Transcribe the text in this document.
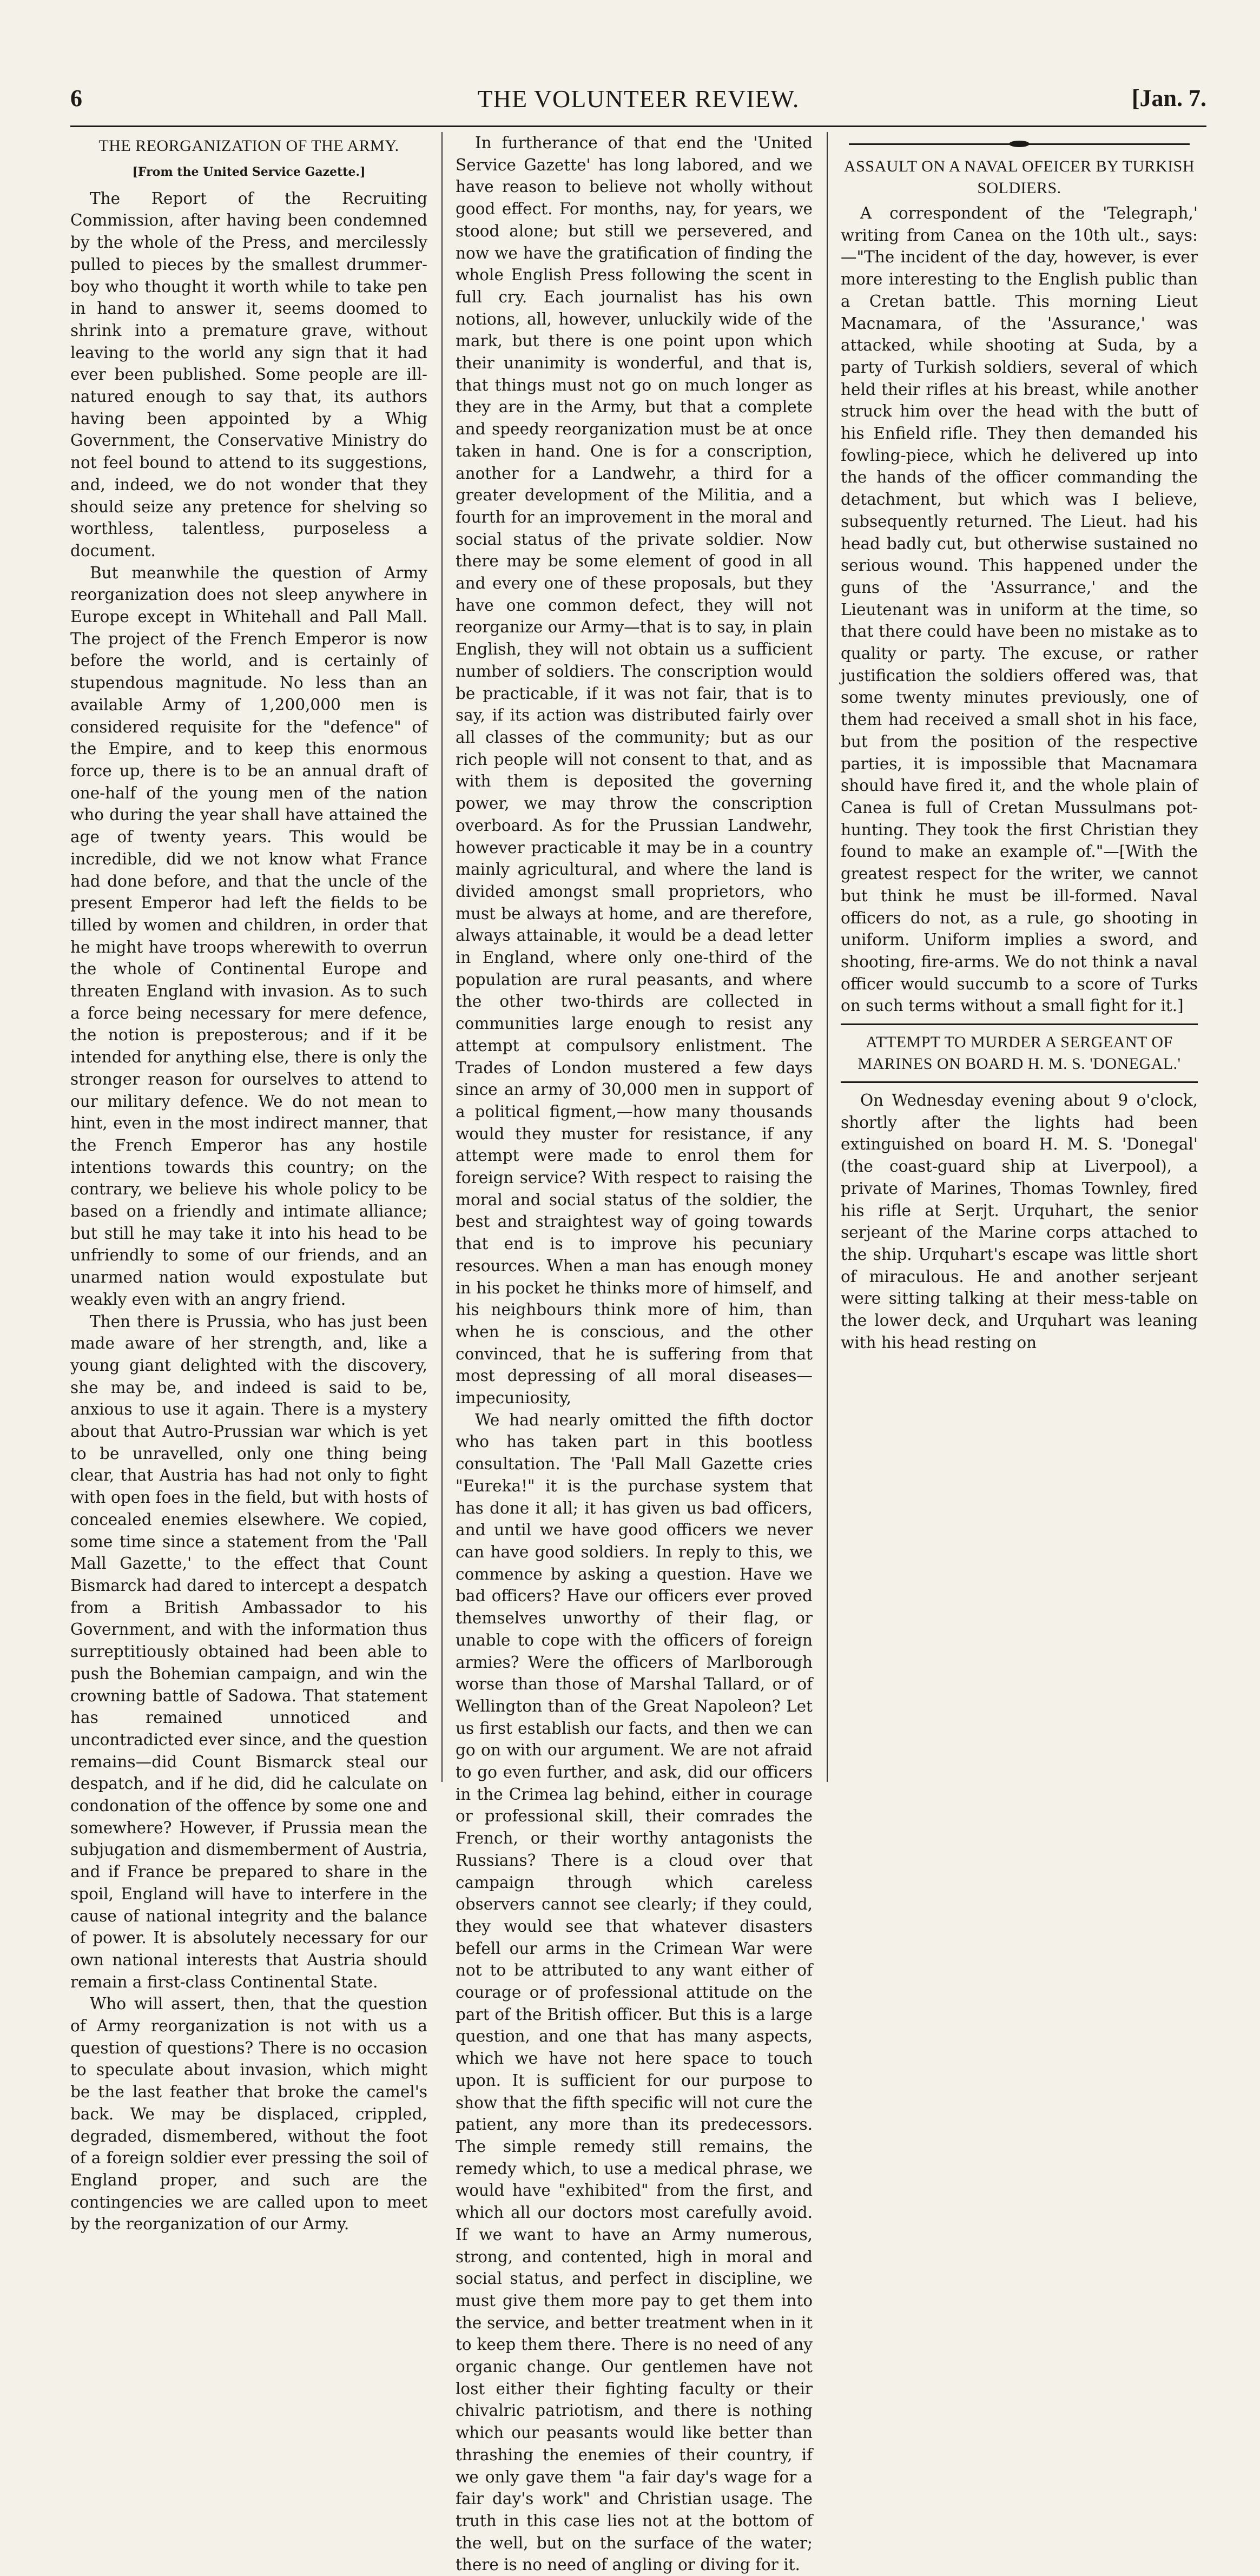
6	THE VOLUNTEER REVIEW.	[Jan. 7.

THE REORGANIZATION OF THE ARMY.

[From the United Service Gazette.]

The Report of the Recruiting Commission, after having been condemned by the whole of the Press, and mercilessly pulled to pieces by the smallest drummer-boy who thought it worth while to take pen in hand to answer it, seems doomed to shrink into a premature grave, without leaving to the world any sign that it had ever been published. Some people are ill-natured enough to say that, its authors having been appointed by a Whig Government, the Conservative Ministry do not feel bound to attend to its suggestions, and, indeed, we do not wonder that they should seize any pretence for shelving so worthless, talentless, purposeless a document.

But meanwhile the question of Army reorganization does not sleep anywhere in Europe except in Whitehall and Pall Mall. The project of the French Emperor is now before the world, and is certainly of stupendous magnitude. No less than an available Army of 1,200,000 men is considered requisite for the "defence" of the Empire, and to keep this enormous force up, there is to be an annual draft of one-half of the young men of the nation who during the year shall have attained the age of twenty years. This would be incredible, did we not know what France had done before, and that the uncle of the present Emperor had left the fields to be tilled by women and children, in order that he might have troops wherewith to overrun the whole of Continental Europe and threaten England with invasion. As to such a force being necessary for mere defence, the notion is preposterous; and if it be intended for anything else, there is only the stronger reason for ourselves to attend to our military defence. We do not mean to hint, even in the most indirect manner, that the French Emperor has any hostile intentions towards this country; on the contrary, we believe his whole policy to be based on a friendly and intimate alliance; but still he may take it into his head to be unfriendly to some of our friends, and an unarmed nation would expostulate but weakly even with an angry friend.

Then there is Prussia, who has just been made aware of her strength, and, like a young giant delighted with the discovery, she may be, and indeed is said to be, anxious to use it again. There is a mystery about that Autro-Prussian war which is yet to be unravelled, only one thing being clear, that Austria has had not only to fight with open foes in the field, but with hosts of concealed enemies elsewhere. We copied, some time since a statement from the 'Pall Mall Gazette,' to the effect that Count Bismarck had dared to intercept a despatch from a British Ambassador to his Government, and with the information thus surreptitiously obtained had been able to push the Bohemian campaign, and win the crowning battle of Sadowa. That statement has remained unnoticed and uncontradicted ever since, and the question remains—did Count Bismarck steal our despatch, and if he did, did he calculate on condonation of the offence by some one and somewhere? However, if Prussia mean the subjugation and dismemberment of Austria, and if France be prepared to share in the spoil, England will have to interfere in the cause of national integrity and the balance of power. It is absolutely necessary for our own national interests that Austria should remain a first-class Continental State.

Who will assert, then, that the question of Army reorganization is not with us a question of questions? There is no occasion to speculate about invasion, which might be the last feather that broke the camel's back. We may be displaced, crippled, degraded, dismembered, without the foot of a foreign soldier ever pressing the soil of England proper, and such are the contingencies we are called upon to meet by the reorganization of our Army.

In furtherance of that end the 'United Service Gazette' has long labored, and we have reason to believe not wholly without good effect. For months, nay, for years, we stood alone; but still we persevered, and now we have the gratification of finding the whole English Press following the scent in full cry. Each journalist has his own notions, all, however, unluckily wide of the mark, but there is one point upon which their unanimity is wonderful, and that is, that things must not go on much longer as they are in the Army, but that a complete and speedy reorganization must be at once taken in hand. One is for a conscription, another for a Landwehr, a third for a greater development of the Militia, and a fourth for an improvement in the moral and social status of the private soldier. Now there may be some element of good in all and every one of these proposals, but they have one common defect, they will not reorganize our Army—that is to say, in plain English, they will not obtain us a sufficient number of soldiers. The conscription would be practicable, if it was not fair, that is to say, if its action was distributed fairly over all classes of the community; but as our rich people will not consent to that, and as with them is deposited the governing power, we may throw the conscription overboard. As for the Prussian Landwehr, however practicable it may be in a country mainly agricultural, and where the land is divided amongst small proprietors, who must be always at home, and are therefore, always attainable, it would be a dead letter in England, where only one-third of the population are rural peasants, and where the other two-thirds are collected in communities large enough to resist any attempt at compulsory enlistment. The Trades of London mustered a few days since an army of 30,000 men in support of a political figment,—how many thousands would they muster for resistance, if any attempt were made to enrol them for foreign service? With respect to raising the moral and social status of the soldier, the best and straightest way of going towards that end is to improve his pecuniary resources. When a man has enough money in his pocket he thinks more of himself, and his neighbours think more of him, than when he is conscious, and the other convinced, that he is suffering from that most depressing of all moral diseases—impecuniosity,

We had nearly omitted the fifth doctor who has taken part in this bootless consultation. The 'Pall Mall Gazette cries "Eureka!" it is the purchase system that has done it all; it has given us bad officers, and until we have good officers we never can have good soldiers. In reply to this, we commence by asking a question. Have we bad officers? Have our officers ever proved themselves unworthy of their flag, or unable to cope with the officers of foreign armies? Were the officers of Marlborough worse than those of Marshal Tallard, or of Wellington than of the Great Napoleon? Let us first establish our facts, and then we can go on with our argument. We are not afraid to go even further, and ask, did our officers in the Crimea lag behind, either in courage or professional skill, their comrades the French, or their worthy antagonists the Russians? There is a cloud over that campaign through which careless observers cannot see clearly; if they could, they would see that whatever disasters befell our arms in the Crimean War were not to be attributed to any want either of courage or of professional attitude on the part of the British officer. But this is a large question, and one that has many aspects, which we have not here space to touch upon. It is sufficient for our purpose to show that the fifth specific will not cure the patient, any more than its predecessors. The simple remedy still remains, the remedy which, to use a medical phrase, we would have "exhibited" from the first, and which all our doctors most carefully avoid. If we want to have an Army numerous, strong, and contented, high in moral and social status, and perfect in discipline, we must give them more pay to get them into the service, and better treatment when in it to keep them there. There is no need of any organic change. Our gentlemen have not lost either their fighting faculty or their chivalric patriotism, and there is nothing which our peasants would like better than thrashing the enemies of their country, if we only gave them "a fair day's wage for a fair day's work" and Christian usage. The truth in this case lies not at the bottom of the well, but on the surface of the water; there is no need of angling or diving for it.

ASSAULT ON A NAVAL OFEICER BY TURKISH SOLDIERS.

A correspondent of the 'Telegraph,' writing from Canea on the 10th ult., says:—"The incident of the day, however, is ever more interesting to the English public than a Cretan battle. This morning Lieut Macnamara, of the 'Assurance,' was attacked, while shooting at Suda, by a party of Turkish soldiers, several of which held their rifles at his breast, while another struck him over the head with the butt of his Enfield rifle. They then demanded his fowling-piece, which he delivered up into the hands of the officer commanding the detachment, but which was I believe, subsequently returned. The Lieut. had his head badly cut, but otherwise sustained no serious wound. This happened under the guns of the 'Assurrance,' and the Lieutenant was in uniform at the time, so that there could have been no mistake as to quality or party. The excuse, or rather justification the soldiers offered was, that some twenty minutes previously, one of them had received a small shot in his face, but from the position of the respective parties, it is impossible that Macnamara should have fired it, and the whole plain of Canea is full of Cretan Mussulmans pot-hunting. They took the first Christian they found to make an example of."—[With the greatest respect for the writer, we cannot but think he must be ill-formed. Naval officers do not, as a rule, go shooting in uniform. Uniform implies a sword, and shooting, fire-arms. We do not think a naval officer would succumb to a score of Turks on such terms without a small fight for it.]

ATTEMPT TO MURDER A SERGEANT OF MARINES ON BOARD H. M. S. 'DONEGAL.'

On Wednesday evening about 9 o'clock, shortly after the lights had been extinguished on board H. M. S. 'Donegal' (the coast-guard ship at Liverpool), a private of Marines, Thomas Townley, fired his rifle at Serjt. Urquhart, the senior serjeant of the Marine corps attached to the ship. Urquhart's escape was little short of miraculous. He and another serjeant were sitting talking at their mess-table on the lower deck, and Urquhart was leaning with his head resting on
